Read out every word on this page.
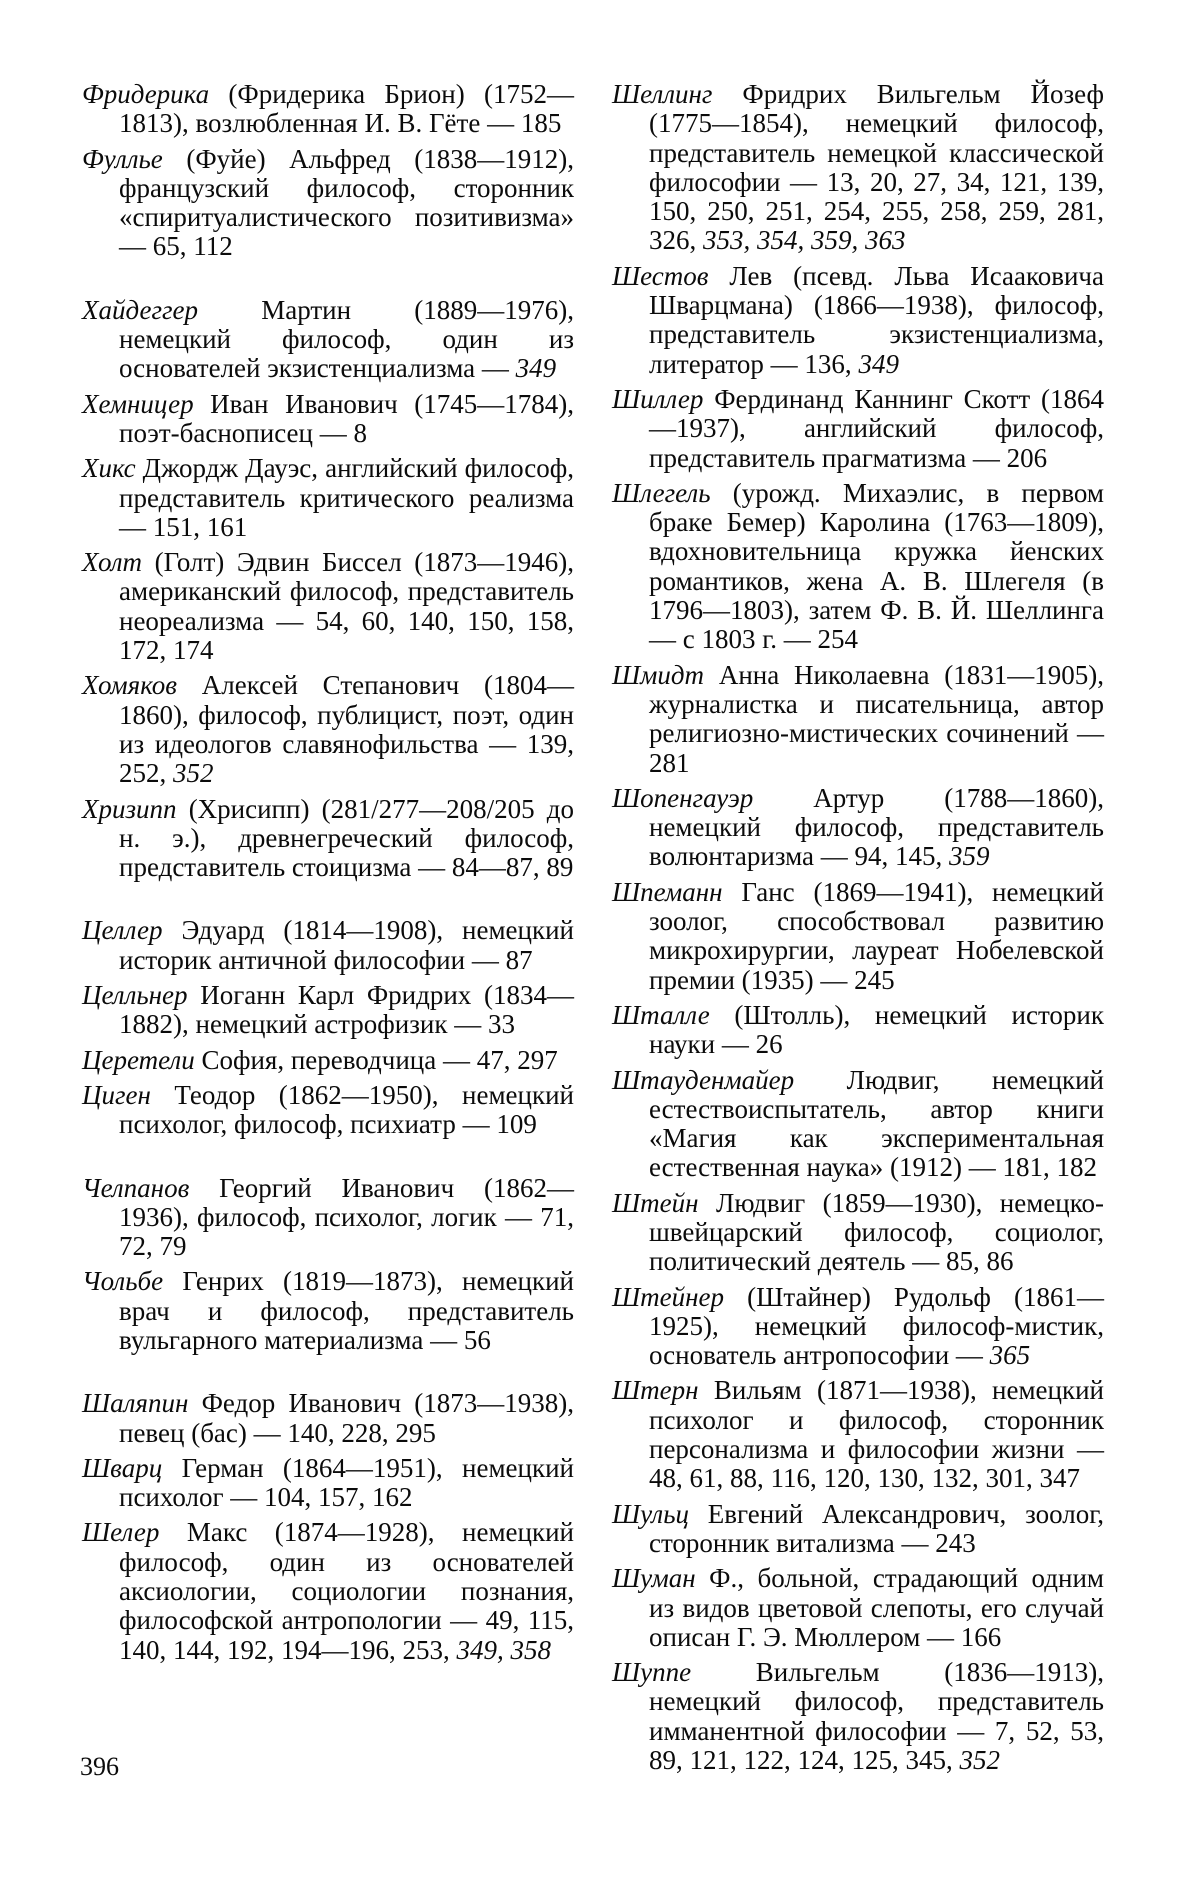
Фридерика (Фридерика Брион) (1752—1813), возлюбленная И. В. Гёте — 185

Фуллье (Фуйе) Альфред (1838—1912), французский философ, сторонник «спиритуалистического позитивизма» — 65, 112

Хайдеггер Мартин (1889—1976), немецкий философ, один из основателей экзистенциализма — 349

Хемницер Иван Иванович (1745—1784), поэт-баснописец — 8

Хикс Джордж Дауэс, английский философ, представитель критического реализма — 151, 161

Холт (Голт) Эдвин Биссел (1873—1946), американский философ, представитель неореализма — 54, 60, 140, 150, 158, 172, 174

Хомяков Алексей Степанович (1804—1860), философ, публицист, поэт, один из идеологов славянофильства — 139, 252, 352

Хризипп (Хрисипп) (281/277—208/205 до н. э.), древнегреческий философ, представитель стоицизма — 84—87, 89

Целлер Эдуард (1814—1908), немецкий историк античной философии — 87

Целльнер Иоганн Карл Фридрих (1834—1882), немецкий астрофизик — 33

Церетели София, переводчица — 47, 297

Циген Теодор (1862—1950), немецкий психолог, философ, психиатр — 109

Челпанов Георгий Иванович (1862—1936), философ, психолог, логик — 71, 72, 79

Чольбе Генрих (1819—1873), немецкий врач и философ, представитель вульгарного материализма — 56

Шаляпин Федор Иванович (1873—1938), певец (бас) — 140, 228, 295

Шварц Герман (1864—1951), немецкий психолог — 104, 157, 162

Шелер Макс (1874—1928), немецкий философ, один из основателей аксиологии, социологии познания, философской антропологии — 49, 115, 140, 144, 192, 194—196, 253, 349, 358

Шеллинг Фридрих Вильгельм Йозеф (1775—1854), немецкий философ, представитель немецкой классической философии — 13, 20, 27, 34, 121, 139, 150, 250, 251, 254, 255, 258, 259, 281, 326, 353, 354, 359, 363

Шестов Лев (псевд. Льва Исааковича Шварцмана) (1866—1938), философ, представитель экзистенциализма, литератор — 136, 349

Шиллер Фердинанд Каннинг Скотт (1864—1937), английский философ, представитель прагматизма — 206

Шлегель (урожд. Михаэлис, в первом браке Бемер) Каролина (1763—1809), вдохновительница кружка йенских романтиков, жена А. В. Шлегеля (в 1796—1803), затем Ф. В. Й. Шеллинга — с 1803 г. — 254

Шмидт Анна Николаевна (1831—1905), журналистка и писательница, автор религиозно-мистических сочинений — 281

Шопенгауэр Артур (1788—1860), немецкий философ, представитель волюнтаризма — 94, 145, 359

Шпеманн Ганс (1869—1941), немецкий зоолог, способствовал развитию микрохирургии, лауреат Нобелевской премии (1935) — 245

Шталле (Штолль), немецкий историк науки — 26

Штауденмайер Людвиг, немецкий естествоиспытатель, автор книги «Магия как экспериментальная естественная наука» (1912) — 181, 182

Штейн Людвиг (1859—1930), немецко-швейцарский философ, социолог, политический деятель — 85, 86

Штейнер (Штайнер) Рудольф (1861—1925), немецкий философ-мистик, основатель антропософии — 365

Штерн Вильям (1871—1938), немецкий психолог и философ, сторонник персонализма и философии жизни — 48, 61, 88, 116, 120, 130, 132, 301, 347

Шульц Евгений Александрович, зоолог, сторонник витализма — 243

Шуман Ф., больной, страдающий одним из видов цветовой слепоты, его случай описан Г. Э. Мюллером — 166

Шуппе Вильгельм (1836—1913), немецкий философ, представитель имманентной философии — 7, 52, 53, 89, 121, 122, 124, 125, 345, 352

396
